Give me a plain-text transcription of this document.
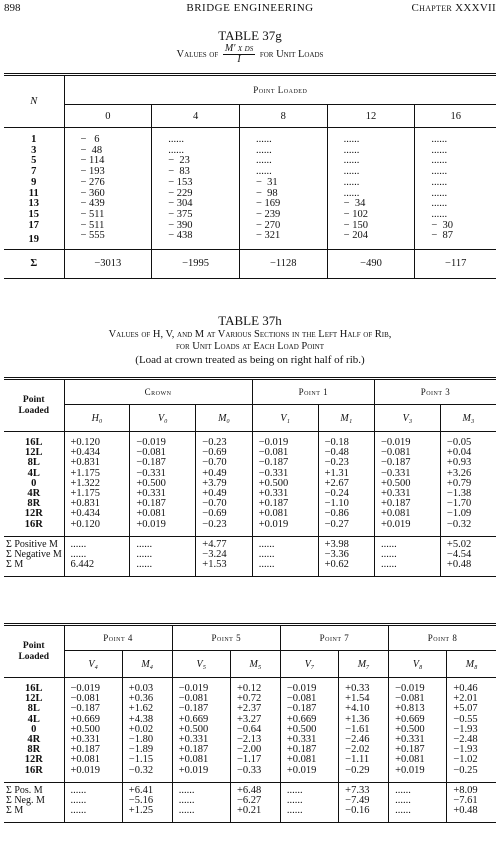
898	BRIDGE ENGINEERING	Chapter XXXVII
TABLE 37g
Values of $\frac{\text{M′ x ds}}{I}$ for Unit Loads
N	Point Loaded				
	0	4	8	12	16
1	−   6	......	......	......	......
3	−  48	......	......	......	......
5	− 114	−  23	......	......	......
7	− 193	−  83	......	......	......
9	− 276	− 153	−  31	......	......
11	− 360	− 229	−  98	......	......
13	− 439	− 304	− 169	−  34	......
15	− 511	− 375	− 239	− 102	......
17	− 511	− 390	− 270	− 150	−  30
19	− 555	− 438	− 321	− 204	−  87
Σ	−3013	−1995	−1128	−490	−117
TABLE 37h
Values of H, V, and M at Various Sections in the Left Half of Rib,
for Unit Loads at Each Load Point
(Load at crown treated as being on right half of rib.)
Point Loaded	Crown			Point 1		Point 3	
	H₀	V₀	M₀	V₁	M₁	V₃	M₃
16L	+0.120	−0.019	−0.23	−0.019	−0.18	−0.019	−0.05
12L	+0.434	−0.081	−0.69	−0.081	−0.48	−0.081	+0.04
8L	+0.831	−0.187	−0.70	−0.187	−0.23	−0.187	+0.93
4L	+1.175	−0.331	+0.49	−0.331	+1.31	−0.331	+3.26
0	+1.322	+0.500	+3.79	+0.500	+2.67	+0.500	+0.79
4R	+1.175	+0.331	+0.49	+0.331	−0.24	+0.331	−1.38
8R	+0.831	+0.187	−0.70	+0.187	−1.10	+0.187	−1.70
12R	+0.434	+0.081	−0.69	+0.081	−0.86	+0.081	−1.09
16R	+0.120	+0.019	−0.23	+0.019	−0.27	+0.019	−0.32
Σ Positive M	......	......	+4.77	......	+3.98	......	+5.02
Σ Negative M	......	......	−3.24	......	−3.36	......	−4.54
Σ M	6.442	......	+1.53	......	+0.62	......	+0.48
Point Loaded	Point 4		Point 5		Point 7		Point 8	
	V₄	M₄	V₅	M₅	V₇	M₇	V₈	M₈
16L	−0.019	+0.03	−0.019	+0.12	−0.019	+0.33	−0.019	+0.46
12L	−0.081	+0.36	−0.081	+0.72	−0.081	+1.54	−0.081	+2.01
8L	−0.187	+1.62	−0.187	+2.37	−0.187	+4.10	+0.813	+5.07
4L	+0.669	+4.38	+0.669	+3.27	+0.669	+1.36	+0.669	−0.55
0	+0.500	+0.02	+0.500	−0.64	+0.500	−1.61	+0.500	−1.93
4R	+0.331	−1.80	+0.331	−2.13	+0.331	−2.46	+0.331	−2.48
8R	+0.187	−1.89	+0.187	−2.00	+0.187	−2.02	+0.187	−1.93
12R	+0.081	−1.15	+0.081	−1.17	+0.081	−1.11	+0.081	−1.02
16R	+0.019	−0.32	+0.019	−0.33	+0.019	−0.29	+0.019	−0.25
Σ Pos. M	......	+6.41	......	+6.48	......	+7.33	......	+8.09
Σ Neg. M	......	−5.16	......	−6.27	......	−7.49	......	−7.61
Σ M	......	+1.25	......	+0.21	......	−0.16	......	+0.48
